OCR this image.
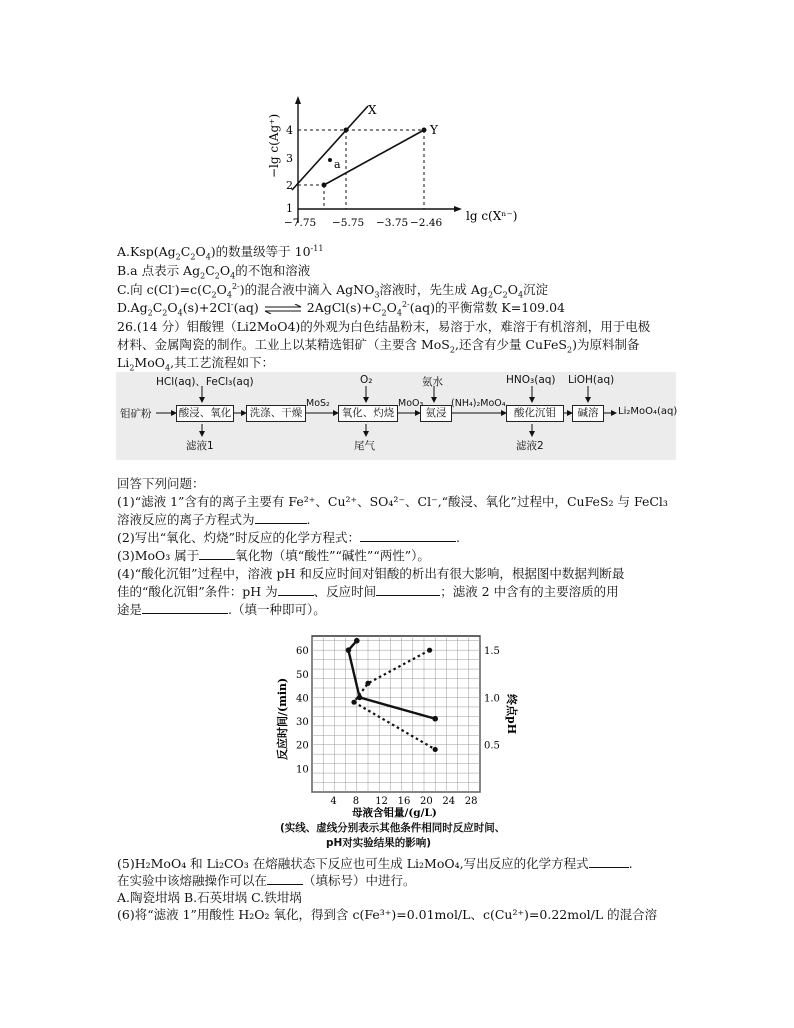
X
Y
a
4
3
2
1
−7.75 −5.75 −3.75 −2.46 lg c(Xⁿ⁻)
−lg c(Ag⁺)
$A.Ksp(Ag_2C_2O_4)$的数量级等于 $10^{-11}$
B.a 点表示 $Ag_2C_2O_4$的不饱和溶液
C.向 $c(Cl^-)=c(C_2O_4^{2-})$的混合液中滴入 AgNO$_3$溶液时，先生成 $Ag_2C_2O_4$沉淀
$D.Ag_2C_2O_4(s)+2Cl^-(aq)$ ⇌ $2AgCl(s)+C_2O_4^{2-}(aq)$的平衡常数 K=109.04
26.(14 分）钼酸锂（Li2MoO4)的外观为白色结晶粉末，易溶于水，难溶于有机溶剂，用于电极
材料、金属陶瓷的制作。工业上以某精选钼矿（主要含 MoS$_2$,还含有少量 CuFeS$_2$)为原料制备
$Li_2MoO_4$,其工艺流程如下：
钼矿粉	酸浸、氧化	洗涤、干燥	氧化、灼烧	氨浸	酸化沉钼	碱溶	Li₂MoO₄(aq)
HCl(aq)、FeCl₃(aq)	O₂	氨水	HNO₃(aq) LiOH(aq)
MoS₂	MoO₃	(NH₄)₂MoO₄
滤液1	尾气	滤液2
回答下列问题：
(1)“滤液 1”含有的离子主要有 Fe²⁺、Cu²⁺、SO₄²⁻、Cl⁻,“酸浸、氧化”过程中，CuFeS₂ 与 FeCl₃
溶液反应的离子方程式为	.
(2)写出“氧化、灼烧”时反应的化学方程式：	.
(3)MoO₃ 属于	氧化物（填“酸性”“碱性”“两性”）。
(4)“酸化沉钼”过程中，溶液 pH 和反应时间对钼酸的析出有很大影响，根据图中数据判断最
佳的“酸化沉钼”条件：pH 为	、反应时间	；滤液 2 中含有的主要溶质的用
途是	.（填一种即可）。
4 8 12 16 20 24 28
10
20
30
40
50
60
0.5
1.0
1.5
反应时间/(min)	终点pH
母液含钼量/(g/L)
(实线、虚线分别表示其他条件相同时反应时间、
pH对实验结果的影响)
(5)H₂MoO₄ 和 Li₂CO₃ 在熔融状态下反应也可生成 Li₂MoO₄,写出反应的化学方程式	.
在实验中该熔融操作可以在	（填标号）中进行。
A.陶瓷坩埚 B.石英坩埚 C.铁坩埚
(6)将“滤液 1”用酸性 H₂O₂ 氧化，得到含 c(Fe³⁺)=0.01mol/L、c(Cu²⁺)=0.22mol/L 的混合溶
